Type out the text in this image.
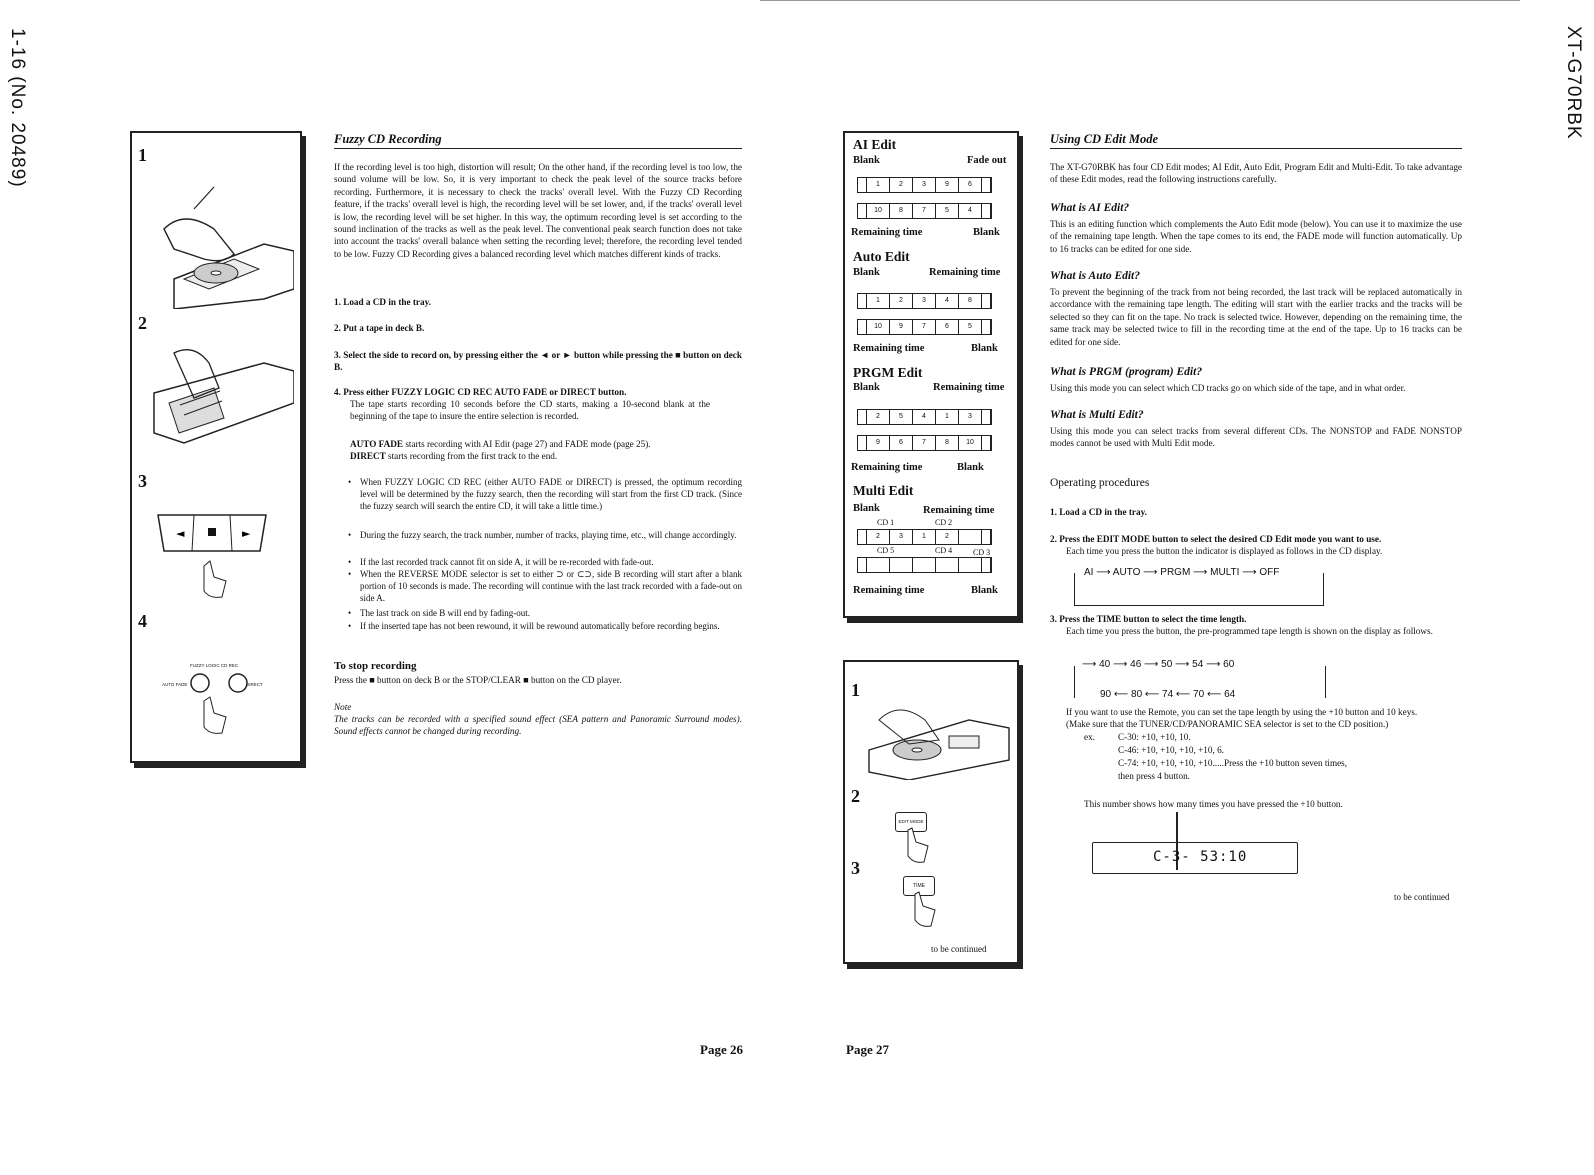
1-16 (No. 20489)	XT-G70RBK
1
2
3
◄	►
4
FUZZY LOGIC CD REC
AUTO FADE	DIRECT
Fuzzy CD Recording
If the recording level is too high, distortion will result; On the other hand, if the recording level is too low, the sound volume will be low. So, it is very important to check the peak level of the source tracks before recording. Furthermore, it is necessary to check the tracks' overall level. With the Fuzzy CD Recording feature, if the tracks' overall level is high, the recording level will be set lower, and, if the tracks' overall level is low, the recording level will be set higher. In this way, the optimum recording level is set according to the sound inclination of the tracks as well as the peak level. The conventional peak search function does not take into account the tracks' overall balance when setting the recording level; therefore, the recording level tended to be low. Fuzzy CD Recording gives a balanced recording level which matches different kinds of tracks.
1. Load a CD in the tray.
2. Put a tape in deck B.
3. Select the side to record on, by pressing either the ◄ or ► button while pressing the ■ button on deck B.
4. Press either FUZZY LOGIC CD REC AUTO FADE or DIRECT button.
The tape starts recording 10 seconds before the CD starts, making a 10-second blank at the beginning of the tape to insure the entire selection is recorded.
AUTO FADE starts recording with AI Edit (page 27) and FADE mode (page 25).
DIRECT starts recording from the first track to the end.
• When FUZZY LOGIC CD REC (either AUTO FADE or DIRECT) is pressed, the optimum recording level will be determined by the fuzzy search, then the recording will start from the first CD track. (Since the fuzzy search will search the entire CD, it will take a little time.)
• During the fuzzy search, the track number, number of tracks, playing time, etc., will change accordingly.
• If the last recorded track cannot fit on side A, it will be re-recorded with fade-out.
• When the REVERSE MODE selector is set to either ⊃ or ⊂⊃, side B recording will start after a blank portion of 10 seconds is made. The recording will continue with the last track recorded with a fade-out on side A.
• The last track on side B will end by fading-out.
• If the inserted tape has not been rewound, it will be rewound automatically before recording begins.
To stop recording
Press the ■ button on deck B or the STOP/CLEAR ■ button on the CD player.
Note
The tracks can be recorded with a specified sound effect (SEA pattern and Panoramic Surround modes). Sound effects cannot be changed during recording.
Page 26
AI Edit
Blank	Fade out
1	2	3	9	6
10	8	7	5	4
Remaining time	Blank
Auto Edit
Blank	Remaining time
1	2	3	4	8
10	9	7	6	5
Remaining time	Blank
PRGM Edit
Blank	Remaining time
2	5	4	1	3
9	6	7	8	10
Remaining time	Blank
Multi Edit
Blank	Remaining time
CD 1	CD 2
2	3	1	2
CD 5	CD 4	CD 3
Remaining time	Blank
1
2
EDIT MODE
3
TIME
to be continued
Page 27
Using CD Edit Mode
The XT-G70RBK has four CD Edit modes; AI Edit, Auto Edit, Program Edit and Multi-Edit. To take advantage of these Edit modes, read the following instructions carefully.
What is AI Edit?
This is an editing function which complements the Auto Edit mode (below). You can use it to maximize the use of the remaining tape length. When the tape comes to its end, the FADE mode will function automatically. Up to 16 tracks can be edited for one side.
What is Auto Edit?
To prevent the beginning of the track from not being recorded, the last track will be replaced automatically in accordance with the remaining tape length. The editing will start with the earlier tracks and the tracks will be selected so they can fit on the tape. No track is selected twice. However, depending on the remaining time, the same track may be selected twice to fill in the recording time at the end of the tape. Up to 16 tracks can be edited for one side.
What is PRGM (program) Edit?
Using this mode you can select which CD tracks go on which side of the tape, and in what order.
What is Multi Edit?
Using this mode you can select tracks from several different CDs. The NONSTOP and FADE NONSTOP modes cannot be used with Multi Edit mode.
Operating procedures
1. Load a CD in the tray.
2. Press the EDIT MODE button to select the desired CD Edit mode you want to use.
Each time you press the button the indicator is displayed as follows in the CD display.
AI ⟶ AUTO ⟶ PRGM ⟶ MULTI ⟶ OFF
3. Press the TIME button to select the time length.
Each time you press the button, the pre-programmed tape length is shown on the display as follows.
⟶ 40 ⟶ 46 ⟶ 50 ⟶ 54 ⟶ 60
90 ⟵ 80 ⟵ 74 ⟵ 70 ⟵ 64
If you want to use the Remote, you can set the tape length by using the +10 button and 10 keys.
(Make sure that the TUNER/CD/PANORAMIC SEA selector is set to the CD position.)
ex.	C-30: +10, +10, 10.
C-46: +10, +10, +10, +10, 6.
C-74: +10, +10, +10, +10.....Press the +10 button seven times,
then press 4 button.
This number shows how many times you have pressed the +10 button.
C-3- 53:10
to be continued
